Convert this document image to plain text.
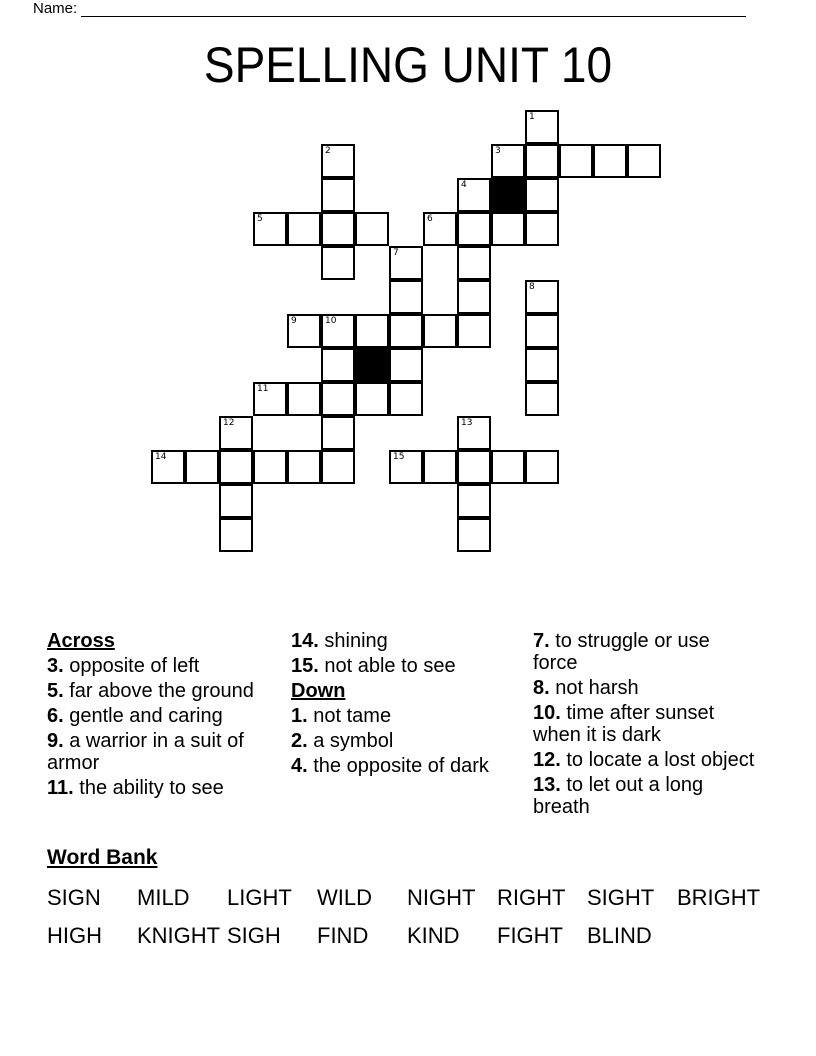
Name:
SPELLING UNIT 10
1
2	3
4
5	6
7
8
9	10
11
12	13
14	15
Across
3. opposite of left
5. far above the ground
6. gentle and caring
9. a warrior in a suit of armor
11. the ability to see
14. shining
15. not able to see
Down
1. not tame
2. a symbol
4. the opposite of dark
7. to struggle or use force
8. not harsh
10. time after sunset when it is dark
12. to locate a lost object
13. to let out a long breath
Word Bank
SIGN MILD LIGHT WILD NIGHT RIGHT SIGHT BRIGHT
HIGH KNIGHT SIGH FIND KIND FIGHT BLIND
